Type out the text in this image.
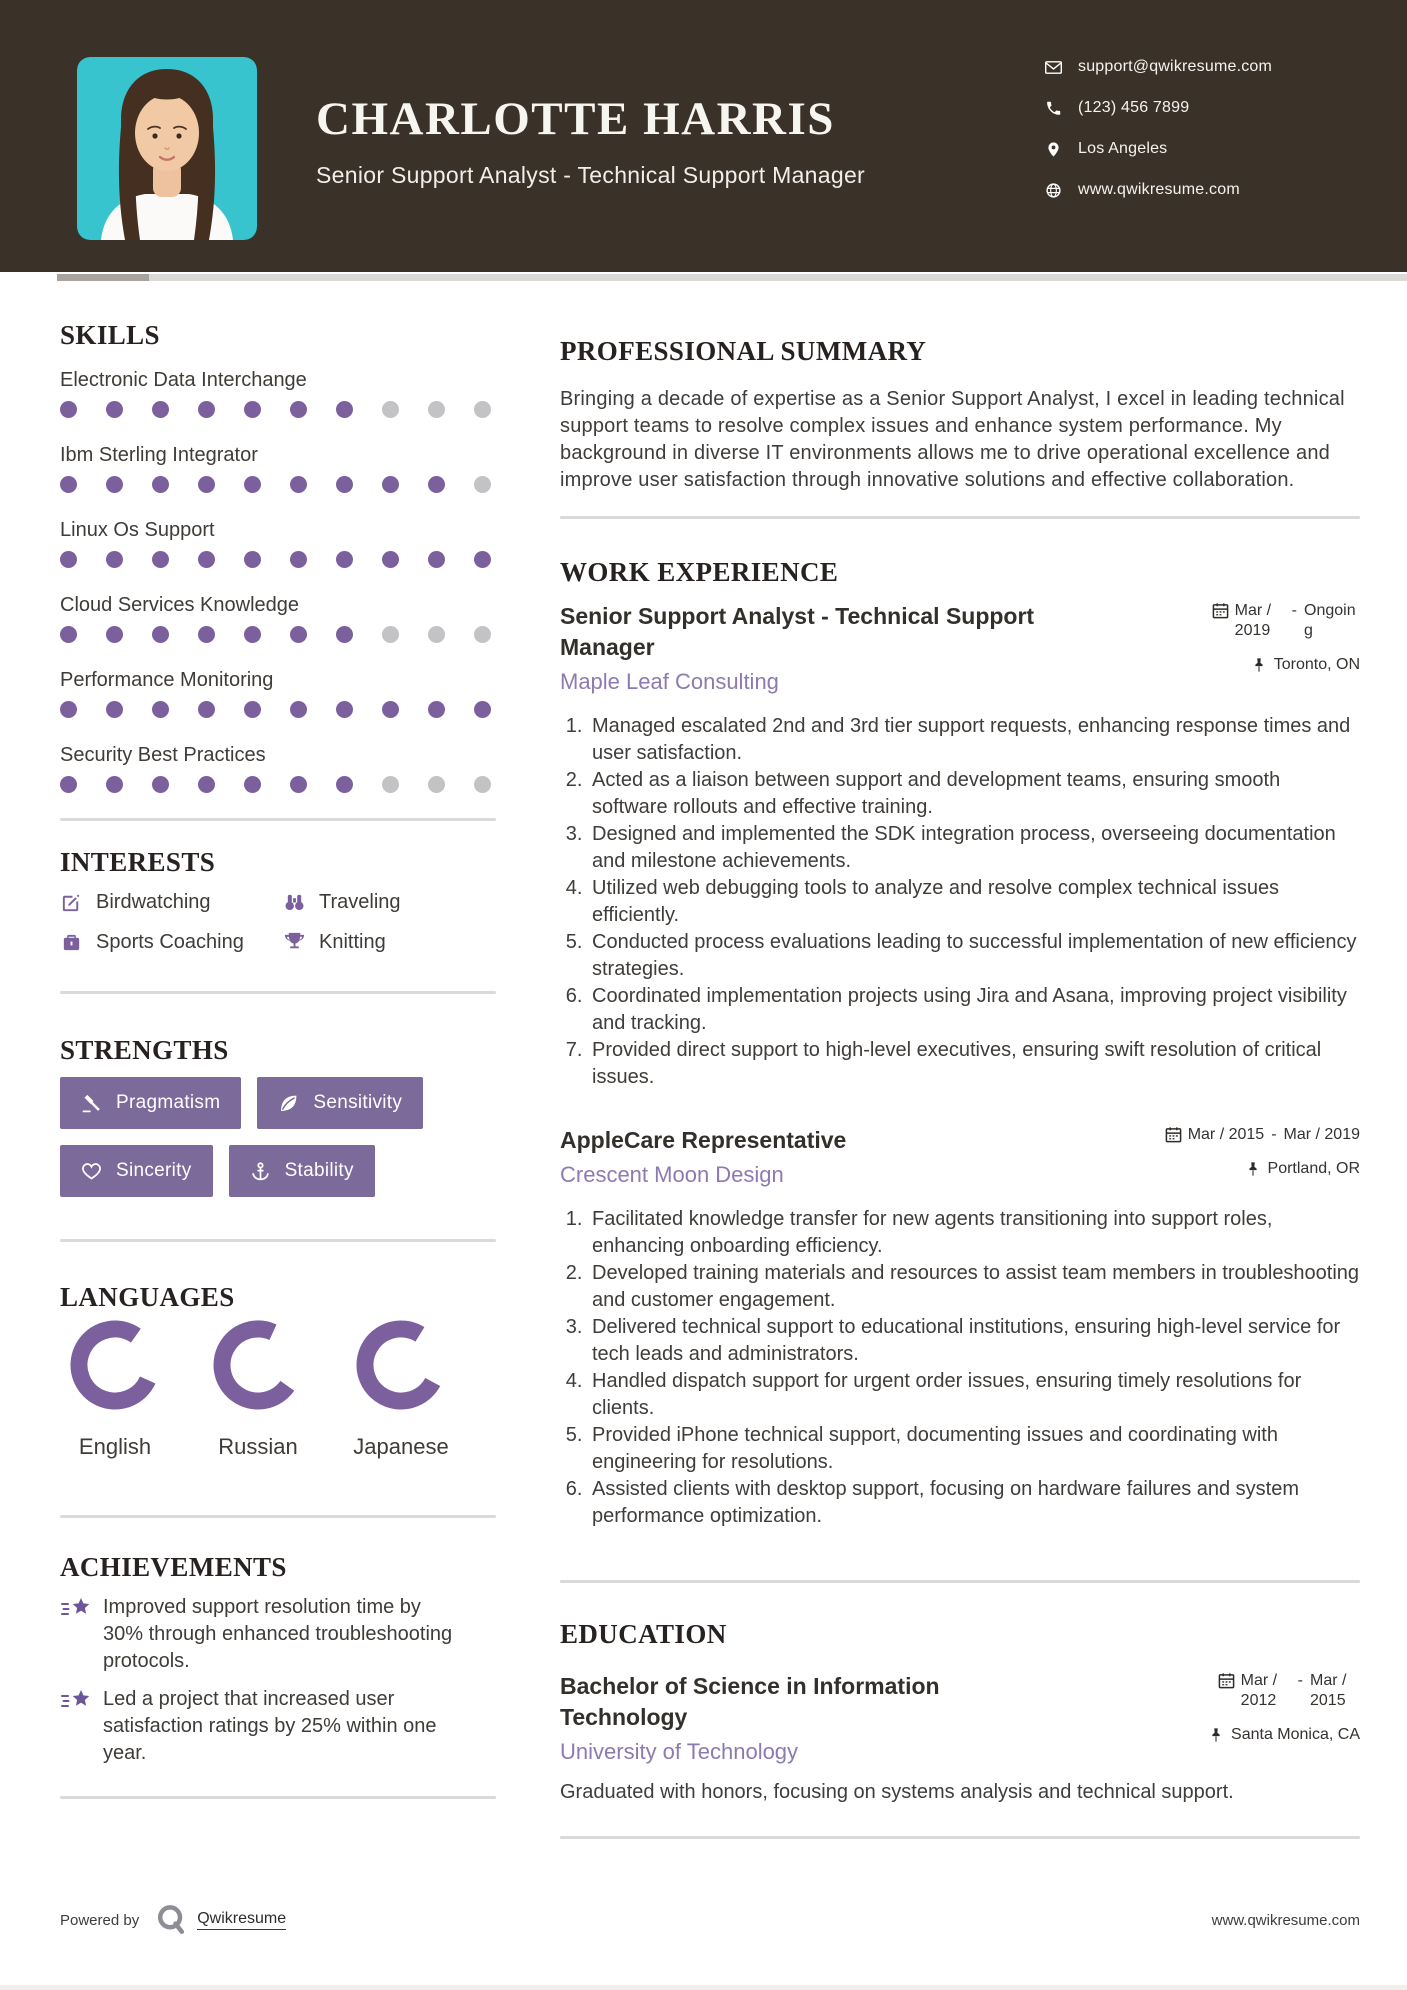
CHARLOTTE HARRIS
Senior Support Analyst - Technical Support Manager
support@qwikresume.com
(123) 456 7899
Los Angeles
www.qwikresume.com
SKILLS
Electronic Data Interchange
Ibm Sterling Integrator
Linux Os Support
Cloud Services Knowledge
Performance Monitoring
Security Best Practices
INTERESTS
Birdwatching	Traveling
Sports Coaching	Knitting
STRENGTHS
Pragmatism	Sensitivity
Sincerity	Stability
LANGUAGES
English	Russian	Japanese
ACHIEVEMENTS
Improved support resolution time by 30% through enhanced troubleshooting protocols.
Led a project that increased user satisfaction ratings by 25% within one year.
PROFESSIONAL SUMMARY

Bringing a decade of expertise as a Senior Support Analyst, I excel in leading technical support teams to resolve complex issues and enhance system performance. My background in diverse IT environments allows me to drive operational excellence and improve user satisfaction through innovative solutions and effective collaboration.

WORK EXPERIENCE
Senior Support Analyst - Technical Support Manager
Maple Leaf Consulting
Mar / 2019
- Ongoing
Toronto, ON
1. Managed escalated 2nd and 3rd tier support requests, enhancing response times and user satisfaction.
2. Acted as a liaison between support and development teams, ensuring smooth software rollouts and effective training.
3. Designed and implemented the SDK integration process, overseeing documentation and milestone achievements.
4. Utilized web debugging tools to analyze and resolve complex technical issues efficiently.
5. Conducted process evaluations leading to successful implementation of new efficiency strategies.
6. Coordinated implementation projects using Jira and Asana, improving project visibility and tracking.
7. Provided direct support to high-level executives, ensuring swift resolution of critical issues.
AppleCare Representative
Crescent Moon Design
Mar / 2015 - Mar / 2019
Portland, OR
1. Facilitated knowledge transfer for new agents transitioning into support roles, enhancing onboarding efficiency.
2. Developed training materials and resources to assist team members in troubleshooting and customer engagement.
3. Delivered technical support to educational institutions, ensuring high-level service for tech leads and administrators.
4. Handled dispatch support for urgent order issues, ensuring timely resolutions for clients.
5. Provided iPhone technical support, documenting issues and coordinating with engineering for resolutions.
6. Assisted clients with desktop support, focusing on hardware failures and system performance optimization.
EDUCATION
Bachelor of Science in Information Technology
University of Technology
Mar / 2012
- Mar / 2015
Santa Monica, CA

Graduated with honors, focusing on systems analysis and technical support.

Powered by	Qwikresume	www.qwikresume.com
